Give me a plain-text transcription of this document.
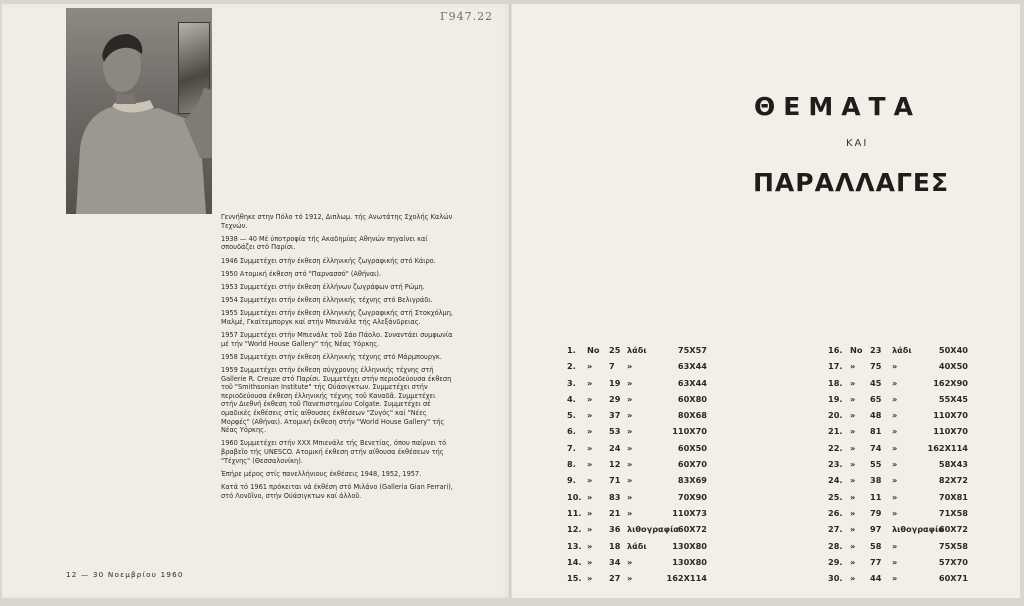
Γ947.22

Γεννήθηκε στην Πόλο τό 1912, Διπλωμ. τής Ανωτάτης Σχολής Καλών Τεχνών.

1938 — 40 Μέ ύποτροφία τής Ακαδημίας Αθηνών πηγαίνει καί σπουδάζει στό Παρίσι.

1946 Συμμετέχει στήν έκθεση έλληνικής ζωγραφικής στό Κάιρο.

1950 Ατομική έκθεση στό "Παρνασσό" (Αθήναι).

1953 Συμμετέχει στήν έκθεση έλλήνων ζωγράφων στή Ρώμη.

1954 Συμμετέχει στήν έκθεση έλληνικής τέχνης στό Βελιγράδι.

1955 Συμμετέχει στήν έκθεση έλληνικής ζωγραφικής στή Στοκχόλμη, Μαλμέ, Γκαίτεμποργκ καί στήν Μπιενάλε τής Αλεξάνδρειας.

1957 Συμμετέχει στήν Μπιενάλε τοῦ Σάο Πάολο. Συναντάει συμφωνία μέ τήν "World House Gallery" τής Νέας Υόρκης.

1958 Συμμετέχει στήν έκθεση έλληνικής τέχνης στό Μάρμπουργκ.

1959 Συμμετέχει στήν έκθεση σύγχρονης έλληνικής τέχνης στή Gallerie R. Creuze στό Παρίσι. Συμμετέχει στήν περιοδεύουσα έκθεση τοῦ "Smithsonian Institute" τής Ούάσιγκτων. Συμμετέχει στήν περιοδεύουσα έκθεση έλληνικής τέχνης τοῦ Καναδᾶ. Συμμετέχει στήν Διεθνή έκθεση τοῦ Πανεπιστημίου Colgate. Συμμετέχει σέ ομαδικές έκθέσεις στίς αίθουσες έκθέσεων "Ζυγός" καί "Νέες Μορφές" (Αθήναι). Ατομική έκθεση στήν "World House Gallery" τής Νέας Υόρκης.

1960 Συμμετέχει στήν ΧΧΧ Μπιενάλε τής Βενετίας, όπου παίρνει τό βραβεῖο τής UNESCO. Ατομική έκθεση στήν αίθουσα έκθέσεων τής "Τέχνης" (Θεσσαλονίκη).

Έπήρε μέρος στίς πανελλήνιους έκθέσεις 1948, 1952, 1957.

Κατά τό 1961 πρόκειται νά έκθέση στό Μιλάνο (Galleria Gian Ferrari), στό Λονδῖνο, στήν Ούάσιγκτων καί άλλοῦ.

12 — 30 Νοεμβρίου 1960
ΘΕΜΑΤΑ
ΚΑΙ
ΠΑΡΑΛΛΑΓΕΣ
1.	Νο 25 λάδι	75Χ57
2.	» 7 »	63Χ44
3.	» 19 »	63Χ44
4.	» 29 »	60Χ80
5.	» 37 »	80Χ68
6.	» 53 »	110Χ70
7.	» 24 »	60Χ50
8.	» 12 »	60Χ70
9.	» 71 »	83Χ69
10. » 83 »	70Χ90
11. » 21 »	110Χ73
12. » 36 λιθογραφία
60Χ72
13. » 18 λάδι	130Χ80
14. » 34 »	130Χ80
15. » 27 »	162Χ114
16. Νο 23 λάδι	50Χ40
17. » 75 »	40Χ50
18. » 45 »	162Χ90
19. » 65 »	55Χ45
20. » 48 »	110Χ70
21. » 81 »	110Χ70
22. » 74 »	162Χ114
23. » 55 »	58Χ43
24. » 38 »	82Χ72
25. » 11 »	70Χ81
26. » 79 »	71Χ58
27. » 97 λιθογραφία
60Χ72
28. » 58 »	75Χ58
29. » 77 »	57Χ70
30. » 44 »	60Χ71
